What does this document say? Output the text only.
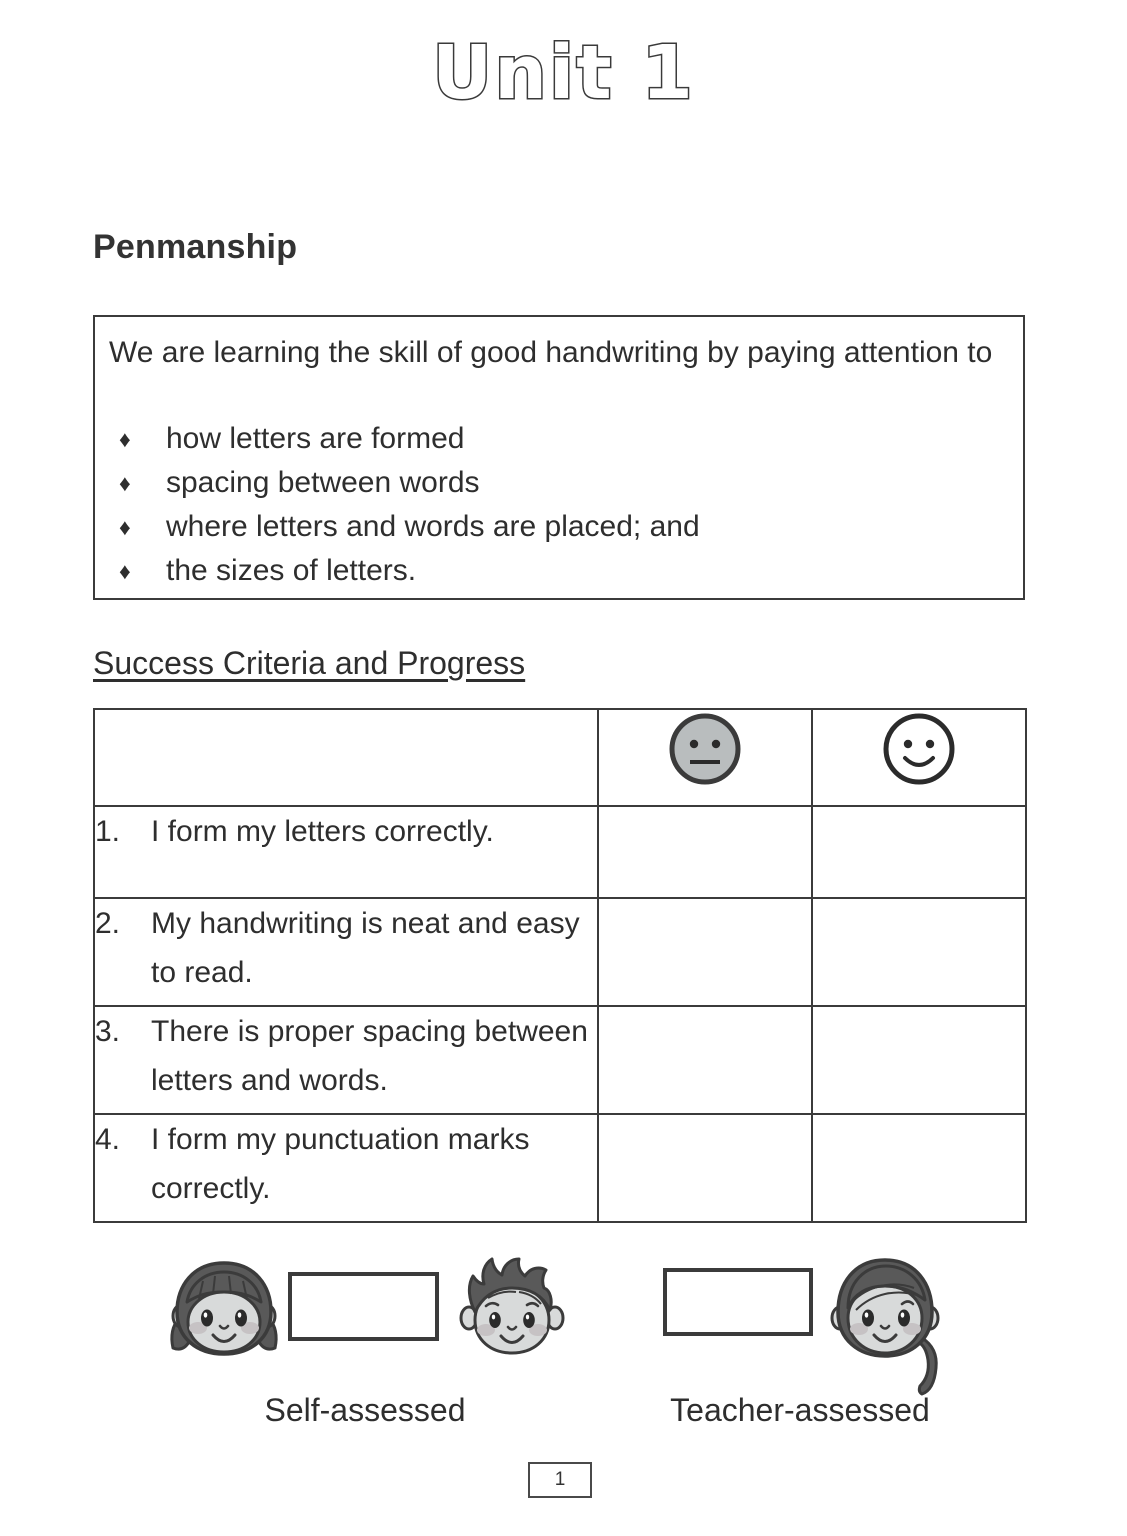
Unit 1
Penmanship
We are learning the skill of good handwriting by paying attention to
♦ how letters are formed
♦ spacing between words
♦ where letters and words are placed; and
♦ the sizes of letters.
Success Criteria and Progress

1. I form my letters correctly.		

2. My handwriting is neat and easy to read.		

3. There is proper spacing between letters and words.		

4. I form my punctuation marks correctly.		

Self-assessed	Teacher-assessed
1
